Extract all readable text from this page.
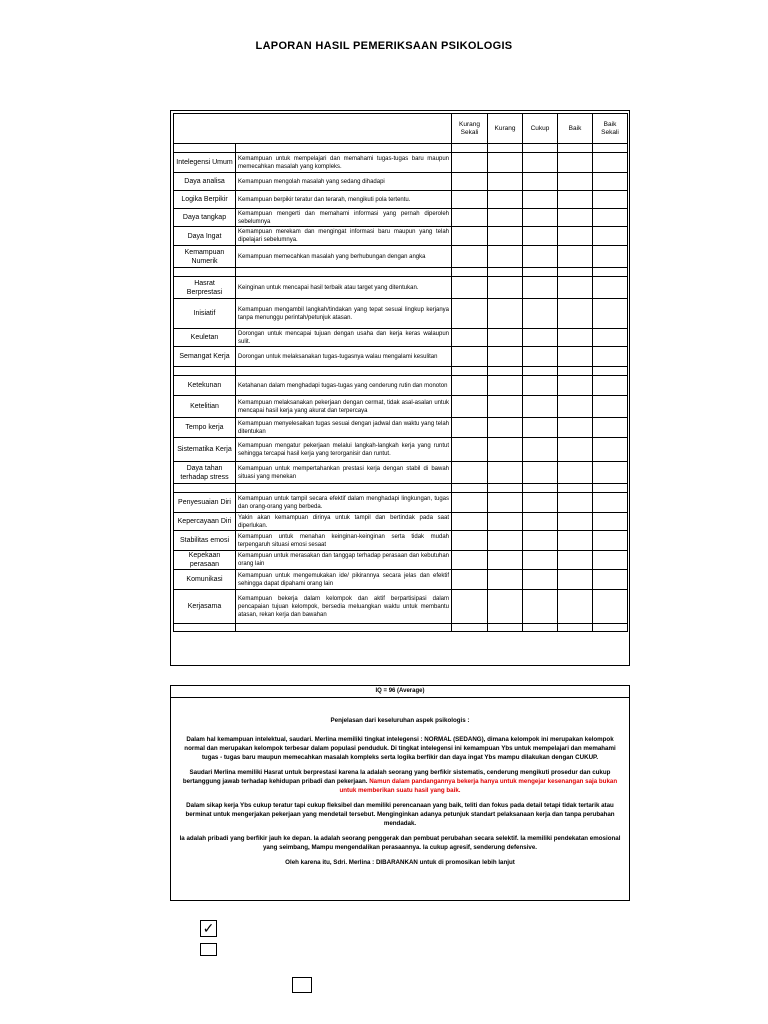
LAPORAN HASIL PEMERIKSAAN PSIKOLOGIS
		Kurang Sekali	Kurang	Cukup	Baik	Baik Sekali

Intelegensi Umum	Kemampuan untuk mempelajari dan memahami tugas-tugas baru maupun memecahkan masalah yang kompleks.					
Daya analisa	Kemampuan mengolah masalah yang sedang dihadapi					
Logika Berpikir	Kemampuan berpikir teratur dan terarah, mengikuti pola tertentu.					
Daya tangkap	Kemampuan mengerti dan memahami informasi yang pernah diperoleh sebelumnya					
Daya Ingat	Kemampuan merekam dan mengingat informasi baru maupun yang telah dipelajari sebelumnya.					
Kemampuan Numerik	Kemampuan memecahkan masalah yang berhubungan dengan angka					

Hasrat Berprestasi	Keinginan untuk mencapai hasil terbaik atau target yang ditentukan.					
Inisiatif	Kemampuan mengambil langkah/tindakan yang tepat sesuai lingkup kerjanya tanpa menunggu perintah/petunjuk atasan.					
Keuletan	Dorongan untuk mencapai tujuan dengan usaha dan kerja keras walaupun sulit.					
Semangat Kerja	Dorongan untuk melaksanakan tugas-tugasnya walau mengalami kesulitan					

Ketekunan	Ketahanan dalam menghadapi tugas-tugas yang cenderung rutin dan monoton					
Ketelitian	Kemampuan melaksanakan pekerjaan dengan cermat, tidak asal-asalan untuk mencapai hasil kerja yang akurat dan terpercaya					
Tempo kerja	Kemampuan menyelesaikan tugas sesuai dengan jadwal dan waktu yang telah ditentukan					
Sistematika Kerja	Kemampuan mengatur pekerjaan melalui langkah-langkah kerja yang runtut sehingga tercapai hasil kerja yang terorganisir dan runtut.					
Daya tahan terhadap stress	Kemampuan untuk mempertahankan prestasi kerja dengan stabil di bawah situasi yang menekan					

Penyesuaian Diri	Kemampuan untuk tampil secara efektif dalam menghadapi lingkungan, tugas dan orang-orang yang berbeda.					
Kepercayaan Diri	Yakin akan kemampuan dirinya untuk tampil dan bertindak pada saat diperlukan.					
Stabilitas emosi	Kemampuan untuk menahan keinginan-keinginan serta tidak mudah terpengaruh situasi emosi sesaat					
Kepekaan perasaan	Kemampuan untuk merasakan dan tanggap terhadap perasaan dan kebutuhan orang lain					
Komunikasi	Kemampuan untuk mengemukakan ide/ pikirannya secara jelas dan efektif sehingga dapat dipahami orang lain					
Kerjasama	Kemampuan bekerja dalam kelompok dan aktif berpartisipasi dalam pencapaian tujuan kelompok, bersedia meluangkan waktu untuk membantu atasan, rekan kerja dan bawahan					

IQ = 96 (Average)

Penjelasan dari keseluruhan aspek psikologis :

Dalam hal kemampuan intelektual, saudari. Merlina memiliki tingkat intelegensi : NORMAL (SEDANG), dimana kelompok ini merupakan kelompok normal dan merupakan kelompok terbesar dalam populasi penduduk. Di tingkat intelegensi ini kemampuan Ybs untuk mempelajari dan memahami tugas - tugas baru maupun memecahkan masalah kompleks serta logika berfikir dan daya ingat Ybs mampu dilakukan dengan CUKUP.

Saudari Merlina memiliki Hasrat untuk berprestasi karena Ia adalah seorang yang berfikir sistematis, cenderung mengikuti prosedur dan cukup bertanggung jawab terhadap kehidupan pribadi dan pekerjaan. Namun dalam pandangannya bekerja hanya untuk mengejar kesenangan saja bukan untuk memberikan suatu hasil yang baik.

Dalam sikap kerja Ybs cukup teratur tapi cukup fleksibel dan memiliki perencanaan yang baik, teliti dan fokus pada detail tetapi tidak tertarik atau berminat untuk mengerjakan pekerjaan yang mendetail tersebut. Menginginkan adanya petunjuk standart pelaksanaan kerja dan tanpa perubahan mendadak.

Ia adalah pribadi yang berfikir jauh ke depan. Ia adalah seorang penggerak dan pembuat perubahan secara selektif. Ia memiliki pendekatan emosional yang seimbang, Mampu mengendalikan perasaannya. Ia cukup agresif, senderung defensive.

Oleh karena itu, Sdri. Merlina : DIBARANKAN untuk di promosikan lebih lanjut

✓
